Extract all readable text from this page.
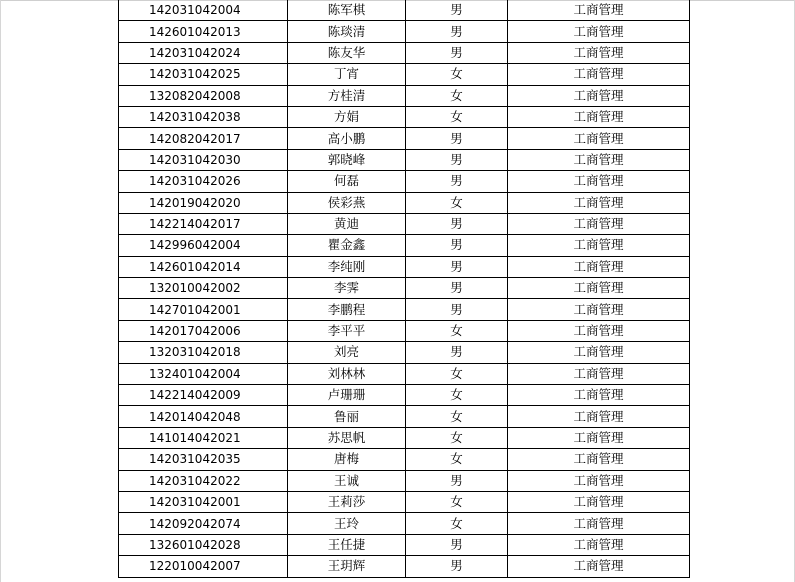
142031042004	陈军棋	男	工商管理
142601042013	陈琰清	男	工商管理
142031042024	陈友华	男	工商管理
142031042025	丁宵	女	工商管理
132082042008	方桂清	女	工商管理
142031042038	方娟	女	工商管理
142082042017	高小鹏	男	工商管理
142031042030	郭晓峰	男	工商管理
142031042026	何磊	男	工商管理
142019042020	侯彩燕	女	工商管理
142214042017	黄迪	男	工商管理
142996042004	瞿金鑫	男	工商管理
142601042014	李纯刚	男	工商管理
132010042002	李霁	男	工商管理
142701042001	李鹏程	男	工商管理
142017042006	李平平	女	工商管理
132031042018	刘亮	男	工商管理
132401042004	刘林林	女	工商管理
142214042009	卢珊珊	女	工商管理
142014042048	鲁丽	女	工商管理
141014042021	苏思帆	女	工商管理
142031042035	唐梅	女	工商管理
142031042022	王诚	男	工商管理
142031042001	王莉莎	女	工商管理
142092042074	王玲	女	工商管理
132601042028	王任捷	男	工商管理
122010042007	王玥辉	男	工商管理
